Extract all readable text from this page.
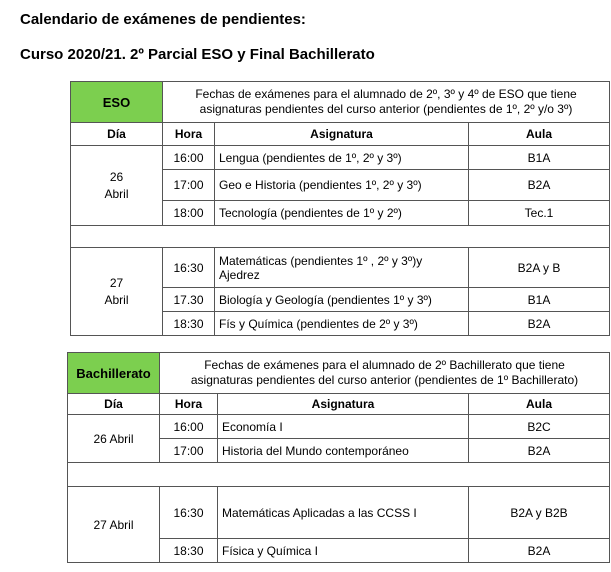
Calendario de exámenes de pendientes:
Curso 2020/21. 2º Parcial ESO y Final Bachillerato
ESO	Fechas de exámenes para el alumnado de 2º, 3º y 4º de ESO que tiene
asignaturas pendientes del curso anterior (pendientes de 1º, 2º y/o 3º)		
Día	Hora	Asignatura	Aula
26
Abril	16:00	Lengua (pendientes de 1º, 2º y 3º)	B1A
	17:00	Geo e Historia (pendientes 1º, 2º y 3º)	B2A
	18:00	Tecnología (pendientes de 1º y 2º)	Tec.1

27
Abril	16:30	Matemáticas (pendientes 1º , 2º y 3º)y
Ajedrez	B2A y B
	17.30	Biología y Geología (pendientes 1º y 3º)	B1A
	18:30	Fís y Química (pendientes de 2º y 3º)	B2A
Bachillerato	Fechas de exámenes para el alumnado de 2º Bachillerato que tiene
asignaturas pendientes del curso anterior (pendientes de 1º Bachillerato)		
Día	Hora	Asignatura	Aula
26 Abril	16:00	Economía I	B2C
	17:00	Historia del Mundo contemporáneo	B2A

27 Abril	16:30	Matemáticas Aplicadas a las CCSS I	B2A y B2B
	18:30	Física y Química I	B2A
